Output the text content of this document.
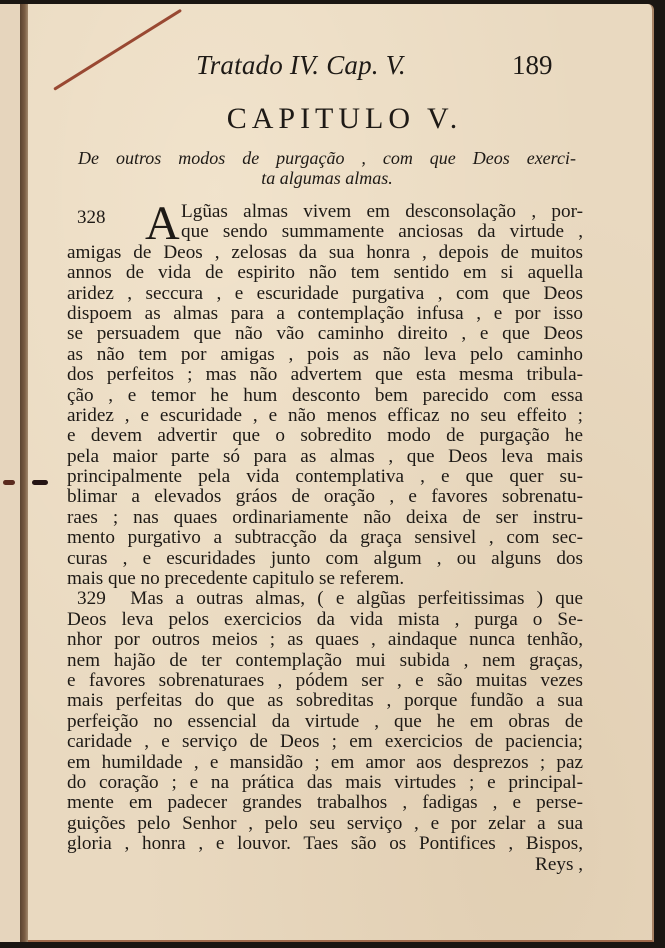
Tratado IV. Cap. V.	189
CAPITULO V.
De outros modos de purgação , com que Deos exerci-
ta algumas almas.
328 A Lgũas almas vivem em desconsolação , por-
que sendo summamente anciosas da virtude ,
amigas de Deos , zelosas da sua honra , depois de muitos
annos de vida de espirito não tem sentido em si aquella
aridez , seccura , e escuridade purgativa , com que Deos
dispoem as almas para a contemplação infusa , e por isso
se persuadem que não vão caminho direito , e que Deos
as não tem por amigas , pois as não leva pelo caminho
dos perfeitos ; mas não advertem que esta mesma tribula-
ção , e temor he hum desconto bem parecido com essa
aridez , e escuridade , e não menos efficaz no seu effeito ;
e devem advertir que o sobredito modo de purgação he
pela maior parte só para as almas , que Deos leva mais
principalmente pela vida contemplativa , e que quer su-
blimar a elevados gráos de oração , e favores sobrenatu-
raes ; nas quaes ordinariamente não deixa de ser instru-
mento purgativo a subtracção da graça sensivel , com sec-
curas , e escuridades junto com algum , ou alguns dos
mais que no precedente capitulo se referem.
329 Mas a outras almas, ( e algũas perfeitissimas ) que
Deos leva pelos exercicios da vida mista , purga o Se-
nhor por outros meios ; as quaes , aindaque nunca tenhão,
nem hajão de ter contemplação mui subida , nem graças,
e favores sobrenaturaes , pódem ser , e são muitas vezes
mais perfeitas do que as sobreditas , porque fundão a sua
perfeição no essencial da virtude , que he em obras de
caridade , e serviço de Deos ; em exercicios de paciencia;
em humildade , e mansidão ; em amor aos desprezos ; paz
do coração ; e na prática das mais virtudes ; e principal-
mente em padecer grandes trabalhos , fadigas , e perse-
guições pelo Senhor , pelo seu serviço , e por zelar a sua
gloria , honra , e louvor. Taes são os Pontifices , Bispos,
Reys ,
